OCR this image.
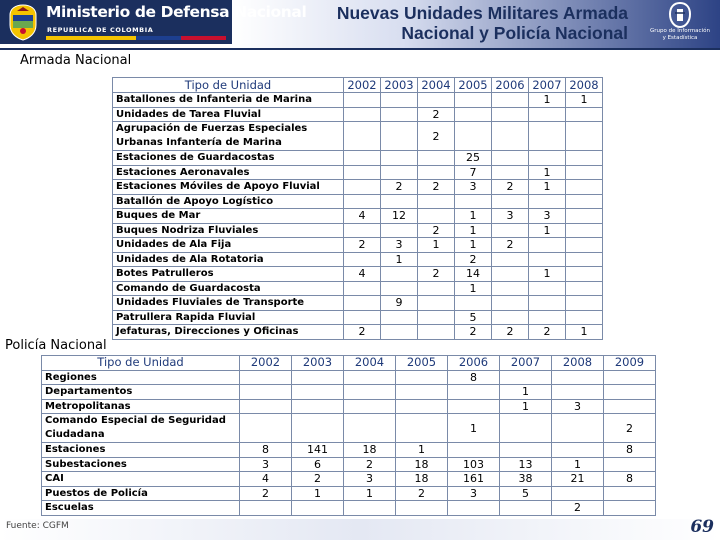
Ministerio de Defensa Nacional
REPUBLICA DE COLOMBIA
Nuevas Unidades Militares Armada
Nacional y Policía Nacional	Grupo de Información
y Estadística
Armada Nacional
Tipo de Unidad	2002	2003	2004	2005	2006	2007	2008
Batallones de Infanteria de Marina						1	1
Unidades de Tarea Fluvial			2				
Agrupación de Fuerzas Especiales Urbanas Infantería de Marina			2				
Estaciones de Guardacostas				25			
Estaciones Aeronavales				7		1	
Estaciones Móviles de Apoyo Fluvial		2	2	3	2	1	
Batallón de Apoyo Logístico							
Buques de Mar	4	12		1	3	3	
Buques Nodriza Fluviales			2	1		1	
Unidades de Ala Fija	2	3	1	1	2		
Unidades de Ala Rotatoria		1		2			
Botes Patrulleros	4		2	14		1	
Comando de Guardacosta				1			
Unidades Fluviales de Transporte		9					
Patrullera Rapida Fluvial				5			
Jefaturas, Direcciones y Oficinas	2			2	2	2	1
Policía Nacional
Tipo de Unidad	2002	2003	2004	2005	2006	2007	2008	2009
Regiones					8			
Departamentos						1		
Metropolitanas						1	3	
Comando Especial de Seguridad Ciudadana					1			2
Estaciones	8	141	18	1				8
Subestaciones	3	6	2	18	103	13	1	
CAI	4	2	3	18	161	38	21	8
Puestos de Policía	2	1	1	2	3	5		
Escuelas							2	
Fuente: CGFM	69
